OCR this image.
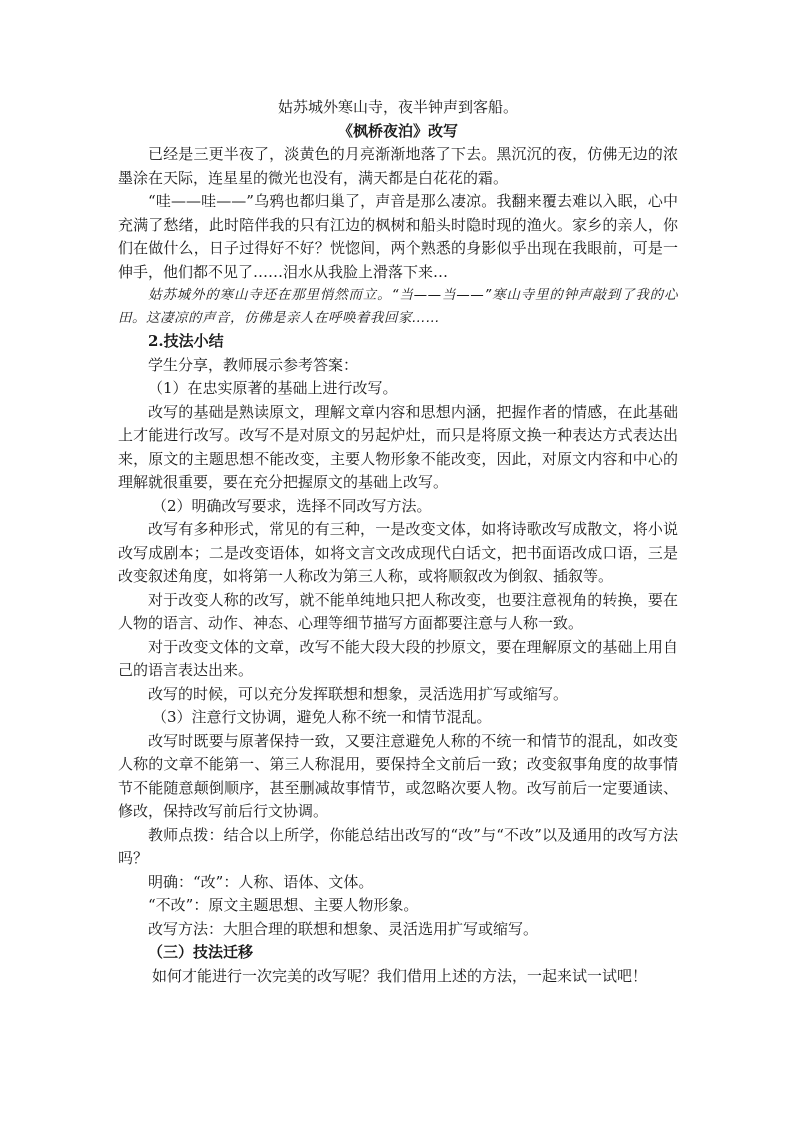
姑苏城外寒山寺，夜半钟声到客船。
《枫桥夜泊》改写
已经是三更半夜了，淡黄色的月亮渐渐地落了下去。黑沉沉的夜，仿佛无边的浓墨涂在天际，连星星的微光也没有，满天都是白花花的霜。
“哇——哇——”乌鸦也都归巢了，声音是那么凄凉。我翻来覆去难以入眠，心中充满了愁绪，此时陪伴我的只有江边的枫树和船头时隐时现的渔火。家乡的亲人，你们在做什么，日子过得好不好？恍惚间，两个熟悉的身影似乎出现在我眼前，可是一伸手，他们都不见了……泪水从我脸上滑落下来…
姑苏城外的寒山寺还在那里悄然而立。“当——当——”寒山寺里的钟声敲到了我的心田。这凄凉的声音，仿佛是亲人在呼唤着我回家……
2.技法小结
学生分享，教师展示参考答案：
（1）在忠实原著的基础上进行改写。
改写的基础是熟读原文，理解文章内容和思想内涵，把握作者的情感，在此基础上才能进行改写。改写不是对原文的另起炉灶，而只是将原文换一种表达方式表达出来，原文的主题思想不能改变，主要人物形象不能改变，因此，对原文内容和中心的理解就很重要，要在充分把握原文的基础上改写。
（2）明确改写要求，选择不同改写方法。
改写有多种形式，常见的有三种，一是改变文体，如将诗歌改写成散文，将小说改写成剧本；二是改变语体，如将文言文改成现代白话文，把书面语改成口语，三是改变叙述角度，如将第一人称改为第三人称，或将顺叙改为倒叙、插叙等。
对于改变人称的改写，就不能单纯地只把人称改变，也要注意视角的转换，要在人物的语言、动作、神态、心理等细节描写方面都要注意与人称一致。
对于改变文体的文章，改写不能大段大段的抄原文，要在理解原文的基础上用自己的语言表达出来。
改写的时候，可以充分发挥联想和想象，灵活选用扩写或缩写。
（3）注意行文协调，避免人称不统一和情节混乱。
改写时既要与原著保持一致，又要注意避免人称的不统一和情节的混乱，如改变人称的文章不能第一、第三人称混用，要保持全文前后一致；改变叙事角度的故事情节不能随意颠倒顺序，甚至删减故事情节，或忽略次要人物。改写前后一定要通读、修改，保持改写前后行文协调。
教师点拨：结合以上所学，你能总结出改写的“改”与“不改”以及通用的改写方法吗？
明确：“改”：人称、语体、文体。
“不改”：原文主题思想、主要人物形象。
改写方法：大胆合理的联想和想象、灵活选用扩写或缩写。
（三）技法迁移
如何才能进行一次完美的改写呢？我们借用上述的方法，一起来试一试吧！
